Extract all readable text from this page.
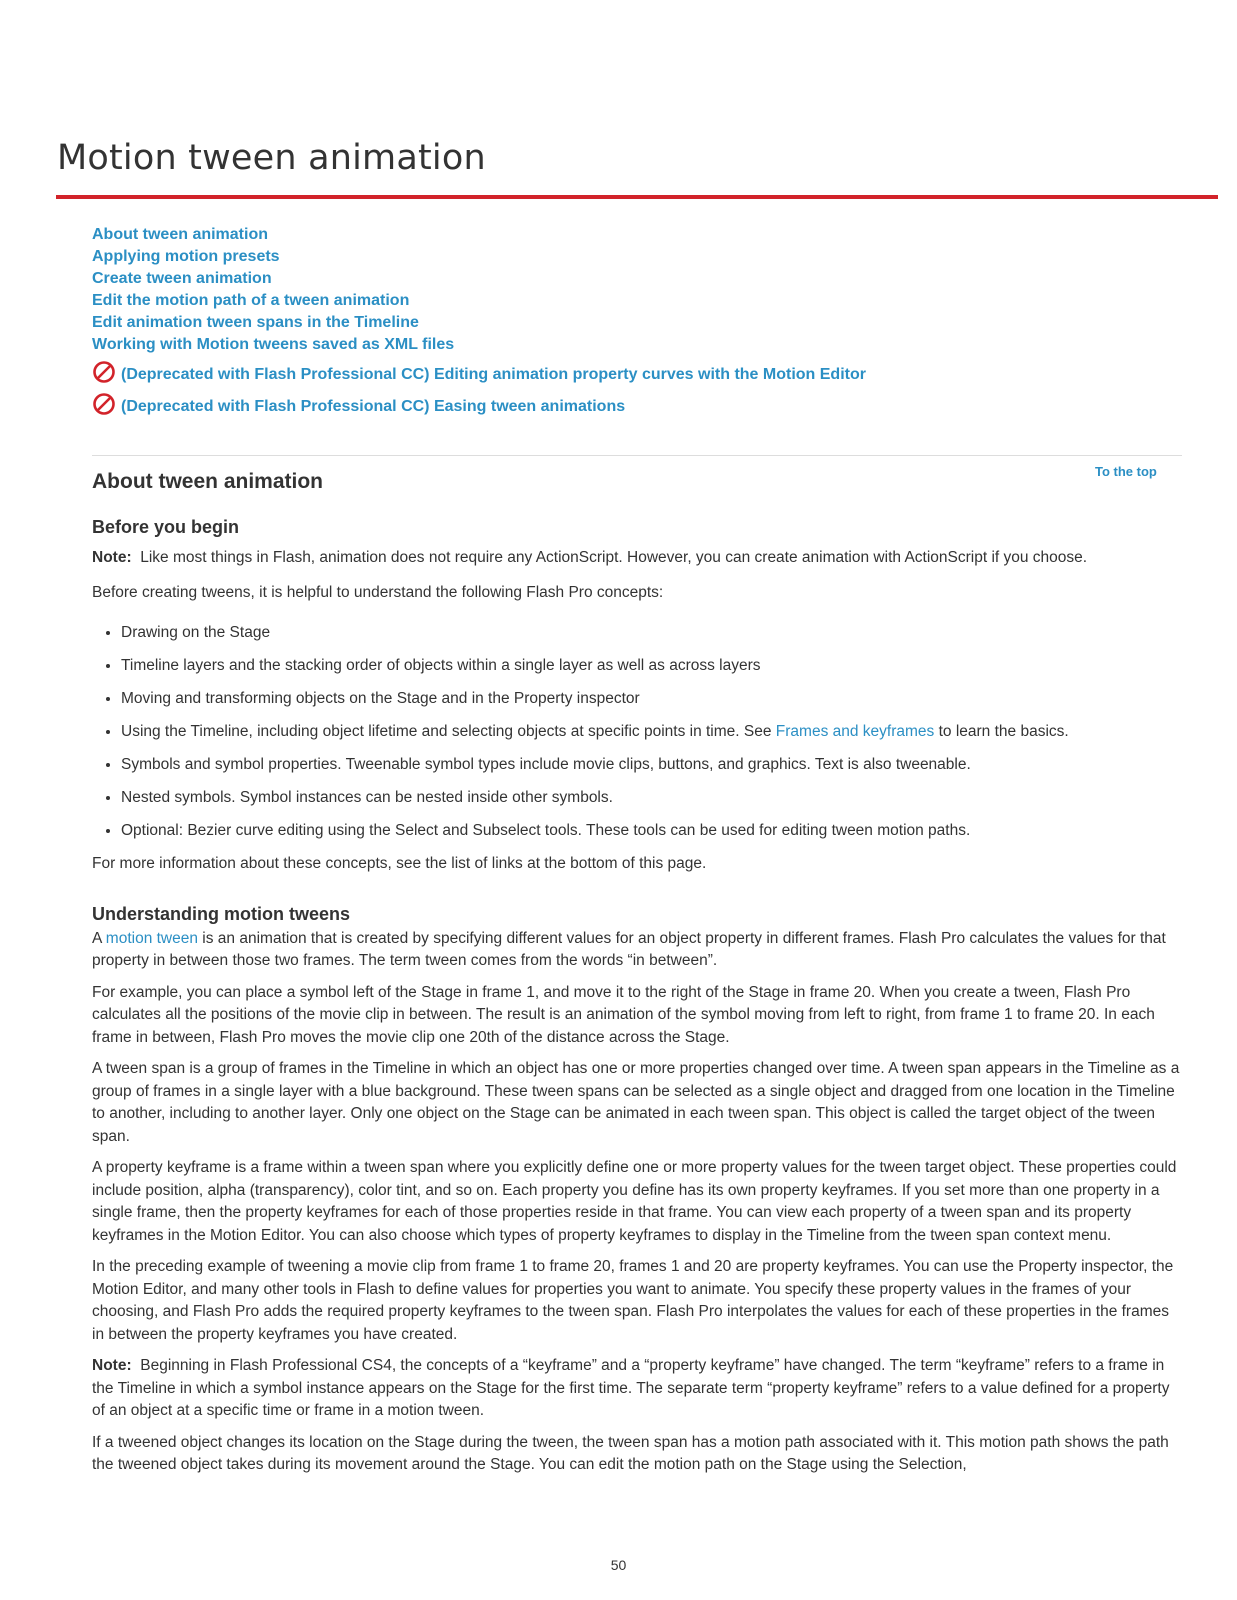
Motion tween animation
About tween animation
Applying motion presets
Create tween animation
Edit the motion path of a tween animation
Edit animation tween spans in the Timeline
Working with Motion tweens saved as XML files
(Deprecated with Flash Professional CC) Editing animation property curves with the Motion Editor
(Deprecated with Flash Professional CC) Easing tween animations
To the top
About tween animation
Before you begin

Note: Like most things in Flash, animation does not require any ActionScript. However, you can create animation with ActionScript if you choose.

Before creating tweens, it is helpful to understand the following Flash Pro concepts:

• Drawing on the Stage
• Timeline layers and the stacking order of objects within a single layer as well as across layers
• Moving and transforming objects on the Stage and in the Property inspector
• Using the Timeline, including object lifetime and selecting objects at specific points in time. See Frames and keyframes to learn the basics.
• Symbols and symbol properties. Tweenable symbol types include movie clips, buttons, and graphics. Text is also tweenable.
• Nested symbols. Symbol instances can be nested inside other symbols.
• Optional: Bezier curve editing using the Select and Subselect tools. These tools can be used for editing tween motion paths.

For more information about these concepts, see the list of links at the bottom of this page.

Understanding motion tweens

A motion tween is an animation that is created by specifying different values for an object property in different frames. Flash Pro calculates the values for that property in between those two frames. The term tween comes from the words “in between”.

For example, you can place a symbol left of the Stage in frame 1, and move it to the right of the Stage in frame 20. When you create a tween, Flash Pro calculates all the positions of the movie clip in between. The result is an animation of the symbol moving from left to right, from frame 1 to frame 20. In each frame in between, Flash Pro moves the movie clip one 20th of the distance across the Stage.

A tween span is a group of frames in the Timeline in which an object has one or more properties changed over time. A tween span appears in the Timeline as a group of frames in a single layer with a blue background. These tween spans can be selected as a single object and dragged from one location in the Timeline to another, including to another layer. Only one object on the Stage can be animated in each tween span. This object is called the target object of the tween span.

A property keyframe is a frame within a tween span where you explicitly define one or more property values for the tween target object. These properties could include position, alpha (transparency), color tint, and so on. Each property you define has its own property keyframes. If you set more than one property in a single frame, then the property keyframes for each of those properties reside in that frame. You can view each property of a tween span and its property keyframes in the Motion Editor. You can also choose which types of property keyframes to display in the Timeline from the tween span context menu.

In the preceding example of tweening a movie clip from frame 1 to frame 20, frames 1 and 20 are property keyframes. You can use the Property inspector, the Motion Editor, and many other tools in Flash to define values for properties you want to animate. You specify these property values in the frames of your choosing, and Flash Pro adds the required property keyframes to the tween span. Flash Pro interpolates the values for each of these properties in the frames in between the property keyframes you have created.

Note: Beginning in Flash Professional CS4, the concepts of a “keyframe” and a “property keyframe” have changed. The term “keyframe” refers to a frame in the Timeline in which a symbol instance appears on the Stage for the first time. The separate term “property keyframe” refers to a value defined for a property of an object at a specific time or frame in a motion tween.

If a tweened object changes its location on the Stage during the tween, the tween span has a motion path associated with it. This motion path shows the path the tweened object takes during its movement around the Stage. You can edit the motion path on the Stage using the Selection,

50
